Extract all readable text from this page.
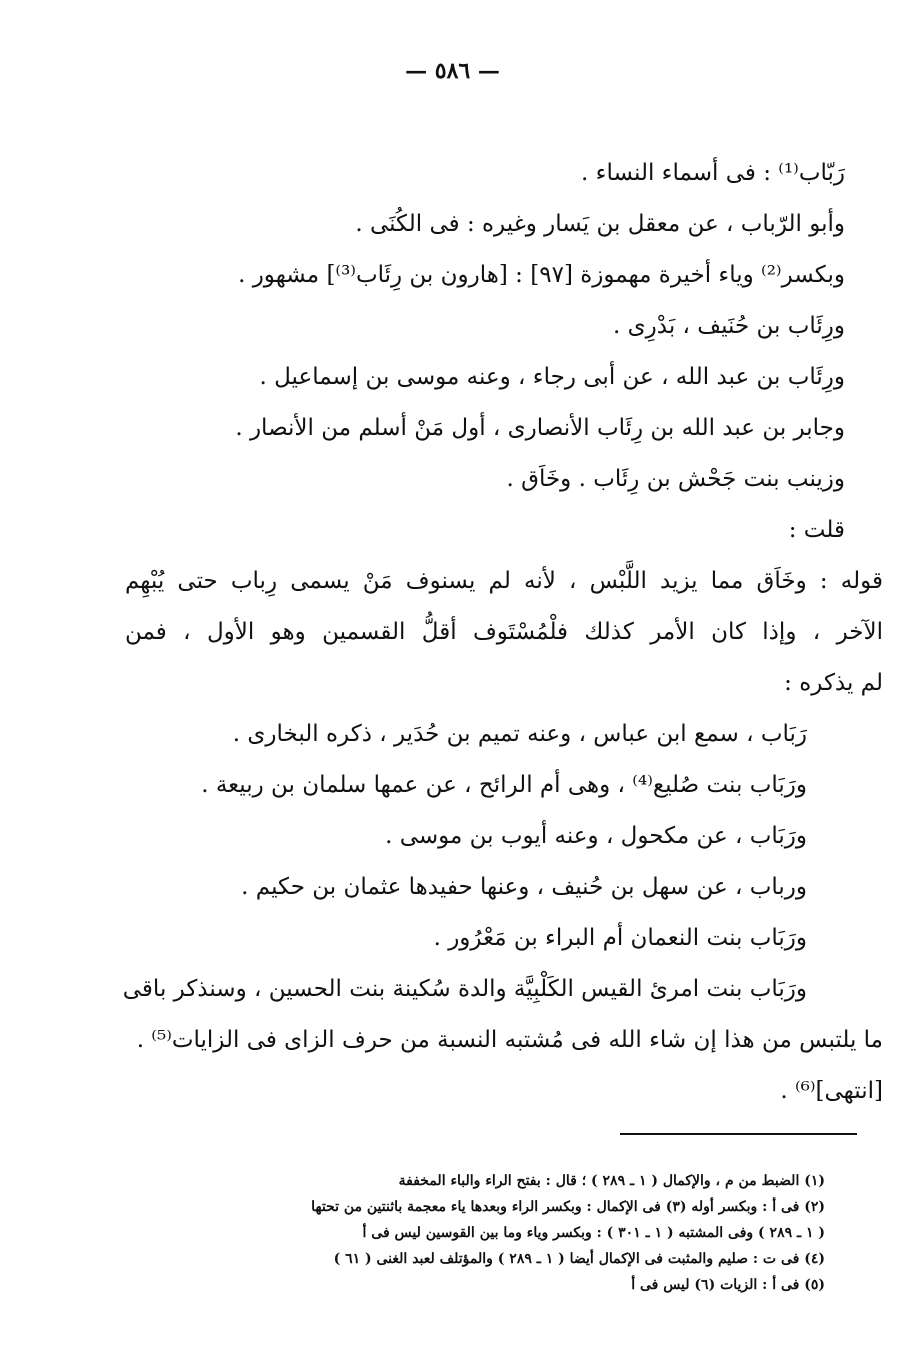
— ٥٨٦ —
رَبّاب⁽¹⁾ : فى أسماء النساء .
وأبو الرّباب ، عن معقل بن يَسار وغيره : فى الكُنَى .
وبكسر⁽²⁾ وياء أخيرة مهموزة [٩٧] : [هارون بن رِئَاب⁽³⁾] مشهور .
ورِئَاب بن حُنَيف ، بَدْرِى .
ورِئَاب بن عبد الله ، عن أبى رجاء ، وعنه موسى بن إسماعيل .
وجابر بن عبد الله بن رِئَاب الأنصارى ، أول مَنْ أسلم من الأنصار .
وزينب بنت جَحْش بن رِئَاب . وخَاَق .
قلت :
قوله : وخَاَق مما يزيد اللَّبْس ، لأنه لم يسنوف مَنْ يسمى رِباب حتى يُبْهِم
الآخر ، وإذا كان الأمر كذلك فلْمُسْتَوف أقلُّ القسمين وهو الأول ، فمن
لم يذكره :
رَبَاب ، سمع ابن عباس ، وعنه تميم بن حُدَير ، ذكره البخارى .
ورَبَاب بنت صُليع⁽⁴⁾ ، وهى أم الرائح ، عن عمها سلمان بن ربيعة .
ورَبَاب ، عن مكحول ، وعنه أيوب بن موسى .
ورباب ، عن سهل بن حُنيف ، وعنها حفيدها عثمان بن حكيم .
ورَبَاب بنت النعمان أم البراء بن مَعْرُور .
ورَبَاب بنت امرئ القيس الكَلْبِيَّة والدة سُكينة بنت الحسين ، وسنذكر باقى
ما يلتبس من هذا إن شاء الله فى مُشتبه النسبة من حرف الزاى فى الزايات⁽⁵⁾ .
[انتهى]⁽⁶⁾ .
(١) الضبط من م ، والإكمال ( ١ ـ ٢٨٩ ) ؛ قال : بفتح الراء والباء المخففة
(٢) فى أ : وبكسر أوله (٣) فى الإكمال : وبكسر الراء وبعدها ياء معجمة باثنتين من تحتها
( ١ ـ ٢٨٩ ) وفى المشتبه ( ١ ـ ٣٠١ ) : وبكسر وياء وما بين القوسين ليس فى أ
(٤) فى ت : صليم والمثبت فى الإكمال أيضا ( ١ ـ ٢٨٩ ) والمؤتلف لعبد الغنى ( ٦١ )
(٥) فى أ : الزيات (٦) ليس فى أ
